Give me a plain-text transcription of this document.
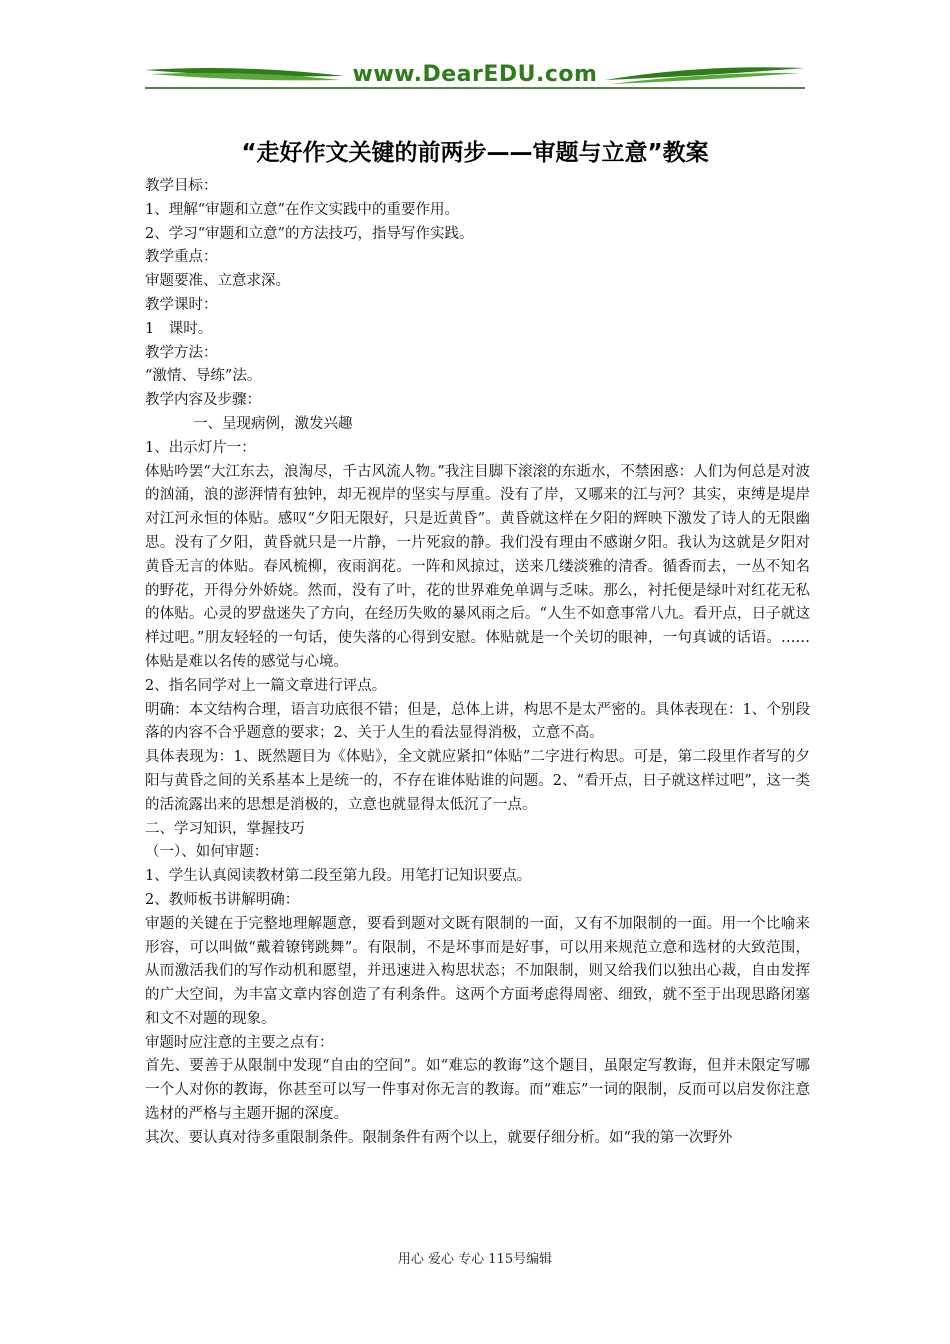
www.DearEDU.com
“走好作文关键的前两步——审题与立意”教案

教学目标：

1、理解“审题和立意”在作文实践中的重要作用。

2、学习“审题和立意”的方法技巧，指导写作实践。

教学重点：

审题要准、立意求深。

教学课时：

1　课时。

教学方法：

“激情、导练”法。

教学内容及步骤：

一、呈现病例，激发兴趣

1、出示灯片一：

体贴吟罢“大江东去，浪淘尽，千古风流人物。”我注目脚下滚滚的东逝水，不禁困惑：人们为何总是对波的汹涌，浪的澎湃情有独钟，却无视岸的坚实与厚重。没有了岸，又哪来的江与河？其实，束缚是堤岸对江河永恒的体贴。感叹“夕阳无限好，只是近黄昏”。黄昏就这样在夕阳的辉映下激发了诗人的无限幽思。没有了夕阳，黄昏就只是一片静，一片死寂的静。我们没有理由不感谢夕阳。我认为这就是夕阳对黄昏无言的体贴。春风梳柳，夜雨润花。一阵和风掠过，送来几缕淡雅的清香。循香而去，一丛不知名的野花，开得分外娇娆。然而，没有了叶，花的世界难免单调与乏味。那么，衬托便是绿叶对红花无私的体贴。心灵的罗盘迷失了方向，在经历失败的暴风雨之后。“人生不如意事常八九。看开点，日子就这样过吧。”朋友轻轻的一句话，使失落的心得到安慰。体贴就是一个关切的眼神，一句真诚的话语。……体贴是难以名传的感觉与心境。

2、指名同学对上一篇文章进行评点。

明确：本文结构合理，语言功底很不错；但是，总体上讲，构思不是太严密的。具体表现在：1、个别段落的内容不合乎题意的要求；2、关于人生的看法显得消极，立意不高。

具体表现为：1、既然题目为《体贴》，全文就应紧扣“体贴”二字进行构思。可是，第二段里作者写的夕阳与黄昏之间的关系基本上是统一的，不存在谁体贴谁的问题。2、“看开点，日子就这样过吧”，这一类的活流露出来的思想是消极的，立意也就显得太低沉了一点。

二、学习知识，掌握技巧

（一）、如何审题：

1、学生认真阅读教材第二段至第九段。用笔打记知识要点。

2、教师板书讲解明确：

审题的关键在于完整地理解题意，要看到题对文既有限制的一面，又有不加限制的一面。用一个比喻来形容，可以叫做“戴着镣铐跳舞”。有限制，不是坏事而是好事，可以用来规范立意和选材的大致范围，从而激活我们的写作动机和愿望，并迅速进入构思状态；不加限制，则又给我们以独出心裁，自由发挥的广大空间，为丰富文章内容创造了有利条件。这两个方面考虑得周密、细致，就不至于出现思路闭塞和文不对题的现象。

审题时应注意的主要之点有：

首先、要善于从限制中发现“自由的空间”。如“难忘的教诲”这个题目，虽限定写教诲，但并未限定写哪一个人对你的教诲，你甚至可以写一件事对你无言的教诲。而“难忘”一词的限制，反而可以启发你注意选材的严格与主题开掘的深度。

其次、要认真对待多重限制条件。限制条件有两个以上，就要仔细分析。如“我的第一次野外

用心 爱心 专心 115号编辑
